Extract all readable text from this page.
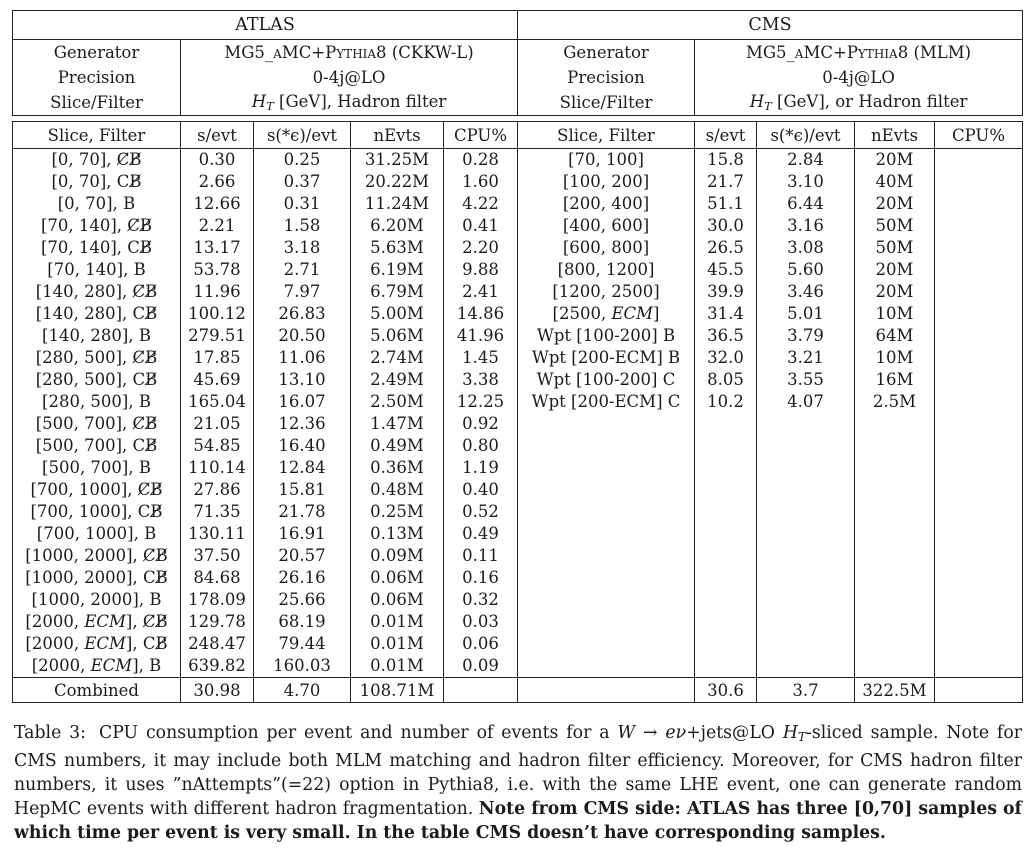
ATLAS		CMS	
Generator	MG5_aMC+Pythia8 (CKKW-L)	Generator	MG5_aMC+Pythia8 (MLM)
Precision	0-4j@LO	Precision	0-4j@LO
Slice/Filter	$H_T$ [GeV], Hadron filter	Slice/Filter	$H_T$ [GeV], or Hadron filter
Slice, Filter	s/evt	s(*ϵ)/evt	nEvts	CPU%	Slice, Filter	s/evt	s(*ϵ)/evt	nEvts	CPU%
[0, 70], C̸B̸	0.30	0.25	31.25M	0.28	[70, 100]	15.8	2.84	20M	
[0, 70], CB̸	2.66	0.37	20.22M	1.60	[100, 200]	21.7	3.10	40M	
[0, 70], B	12.66	0.31	11.24M	4.22	[200, 400]	51.1	6.44	20M	
[70, 140], C̸B̸	2.21	1.58	6.20M	0.41	[400, 600]	30.0	3.16	50M	
[70, 140], CB̸	13.17	3.18	5.63M	2.20	[600, 800]	26.5	3.08	50M	
[70, 140], B	53.78	2.71	6.19M	9.88	[800, 1200]	45.5	5.60	20M	
[140, 280], C̸B̸	11.96	7.97	6.79M	2.41	[1200, 2500]	39.9	3.46	20M	
[140, 280], CB̸	100.12	26.83	5.00M	14.86	[2500, ECM]	31.4	5.01	10M	
[140, 280], B	279.51	20.50	5.06M	41.96	Wpt [100-200] B	36.5	3.79	64M	
[280, 500], C̸B̸	17.85	11.06	2.74M	1.45	Wpt [200-ECM] B	32.0	3.21	10M	
[280, 500], CB̸	45.69	13.10	2.49M	3.38	Wpt [100-200] C	8.05	3.55	16M	
[280, 500], B	165.04	16.07	2.50M	12.25	Wpt [200-ECM] C	10.2	4.07	2.5M	
[500, 700], C̸B̸	21.05	12.36	1.47M	0.92					
[500, 700], CB̸	54.85	16.40	0.49M	0.80					
[500, 700], B	110.14	12.84	0.36M	1.19					
[700, 1000], C̸B̸	27.86	15.81	0.48M	0.40					
[700, 1000], CB̸	71.35	21.78	0.25M	0.52					
[700, 1000], B	130.11	16.91	0.13M	0.49					
[1000, 2000], C̸B̸	37.50	20.57	0.09M	0.11					
[1000, 2000], CB̸	84.68	26.16	0.06M	0.16					
[1000, 2000], B	178.09	25.66	0.06M	0.32					
[2000, ECM], C̸B̸	129.78	68.19	0.01M	0.03					
[2000, ECM], CB̸	248.47	79.44	0.01M	0.06					
[2000, ECM], B	639.82	160.03	0.01M	0.09					
Combined	30.98	4.70	108.71M			30.6	3.7	322.5M	

Table 3: CPU consumption per event and number of events for a W → eν+jets@LO $H_T$-sliced sample. Note for CMS numbers, it may include both MLM matching and hadron filter efficiency. Moreover, for CMS hadron filter numbers, it uses ”nAttempts”(=22) option in Pythia8, i.e. with the same LHE event, one can generate random HepMC events with different hadron fragmentation. Note from CMS side: ATLAS has three [0,70] samples of which time per event is very small. In the table CMS doesn’t have corresponding samples.
